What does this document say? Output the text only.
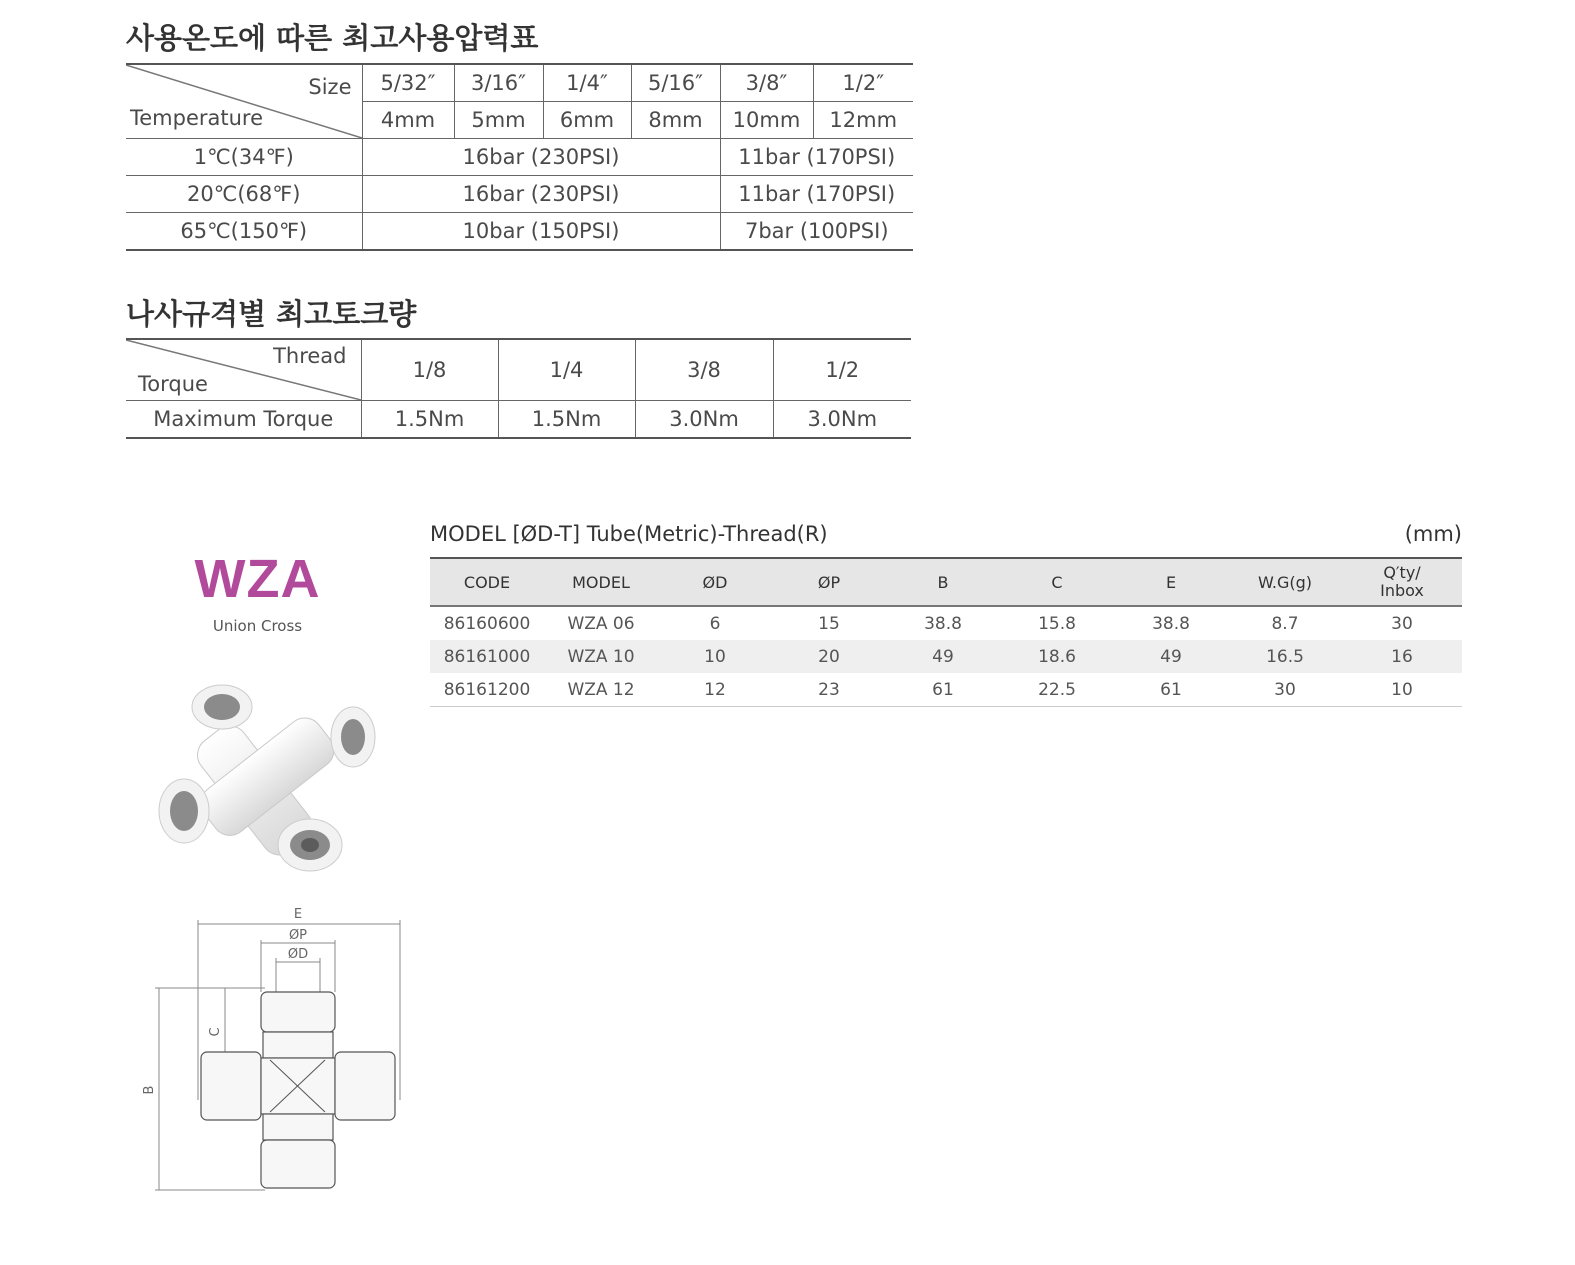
사용온도에 따른 최고사용압력표
Size
Temperature	5/32″	3/16″	1/4″	5/16″	3/8″	1/2″
	4mm	5mm	6mm	8mm	10mm	12mm
1℃(34℉)	16bar (230PSI)				11bar (170PSI)	
20℃(68℉)	16bar (230PSI)				11bar (170PSI)	
65℃(150℉)	10bar (150PSI)				7bar (100PSI)	
나사규격별 최고토크량
Thread
Torque	1/8	1/4	3/8	1/2
Maximum Torque	1.5Nm	1.5Nm	3.0Nm	3.0Nm
WZA
Union Cross
E
ØP
ØD
C
B
MODEL [ØD-T] Tube(Metric)-Thread(R)	(mm)
CODE	MODEL	ØD	ØP	B	C	E	W.G(g)	Q′ty/
Inbox

86160600	WZA 06	6	15	38.8	15.8	38.8	8.7	30
86161000	WZA 10	10	20	49	18.6	49	16.5	16
86161200	WZA 12	12	23	61	22.5	61	30	10
